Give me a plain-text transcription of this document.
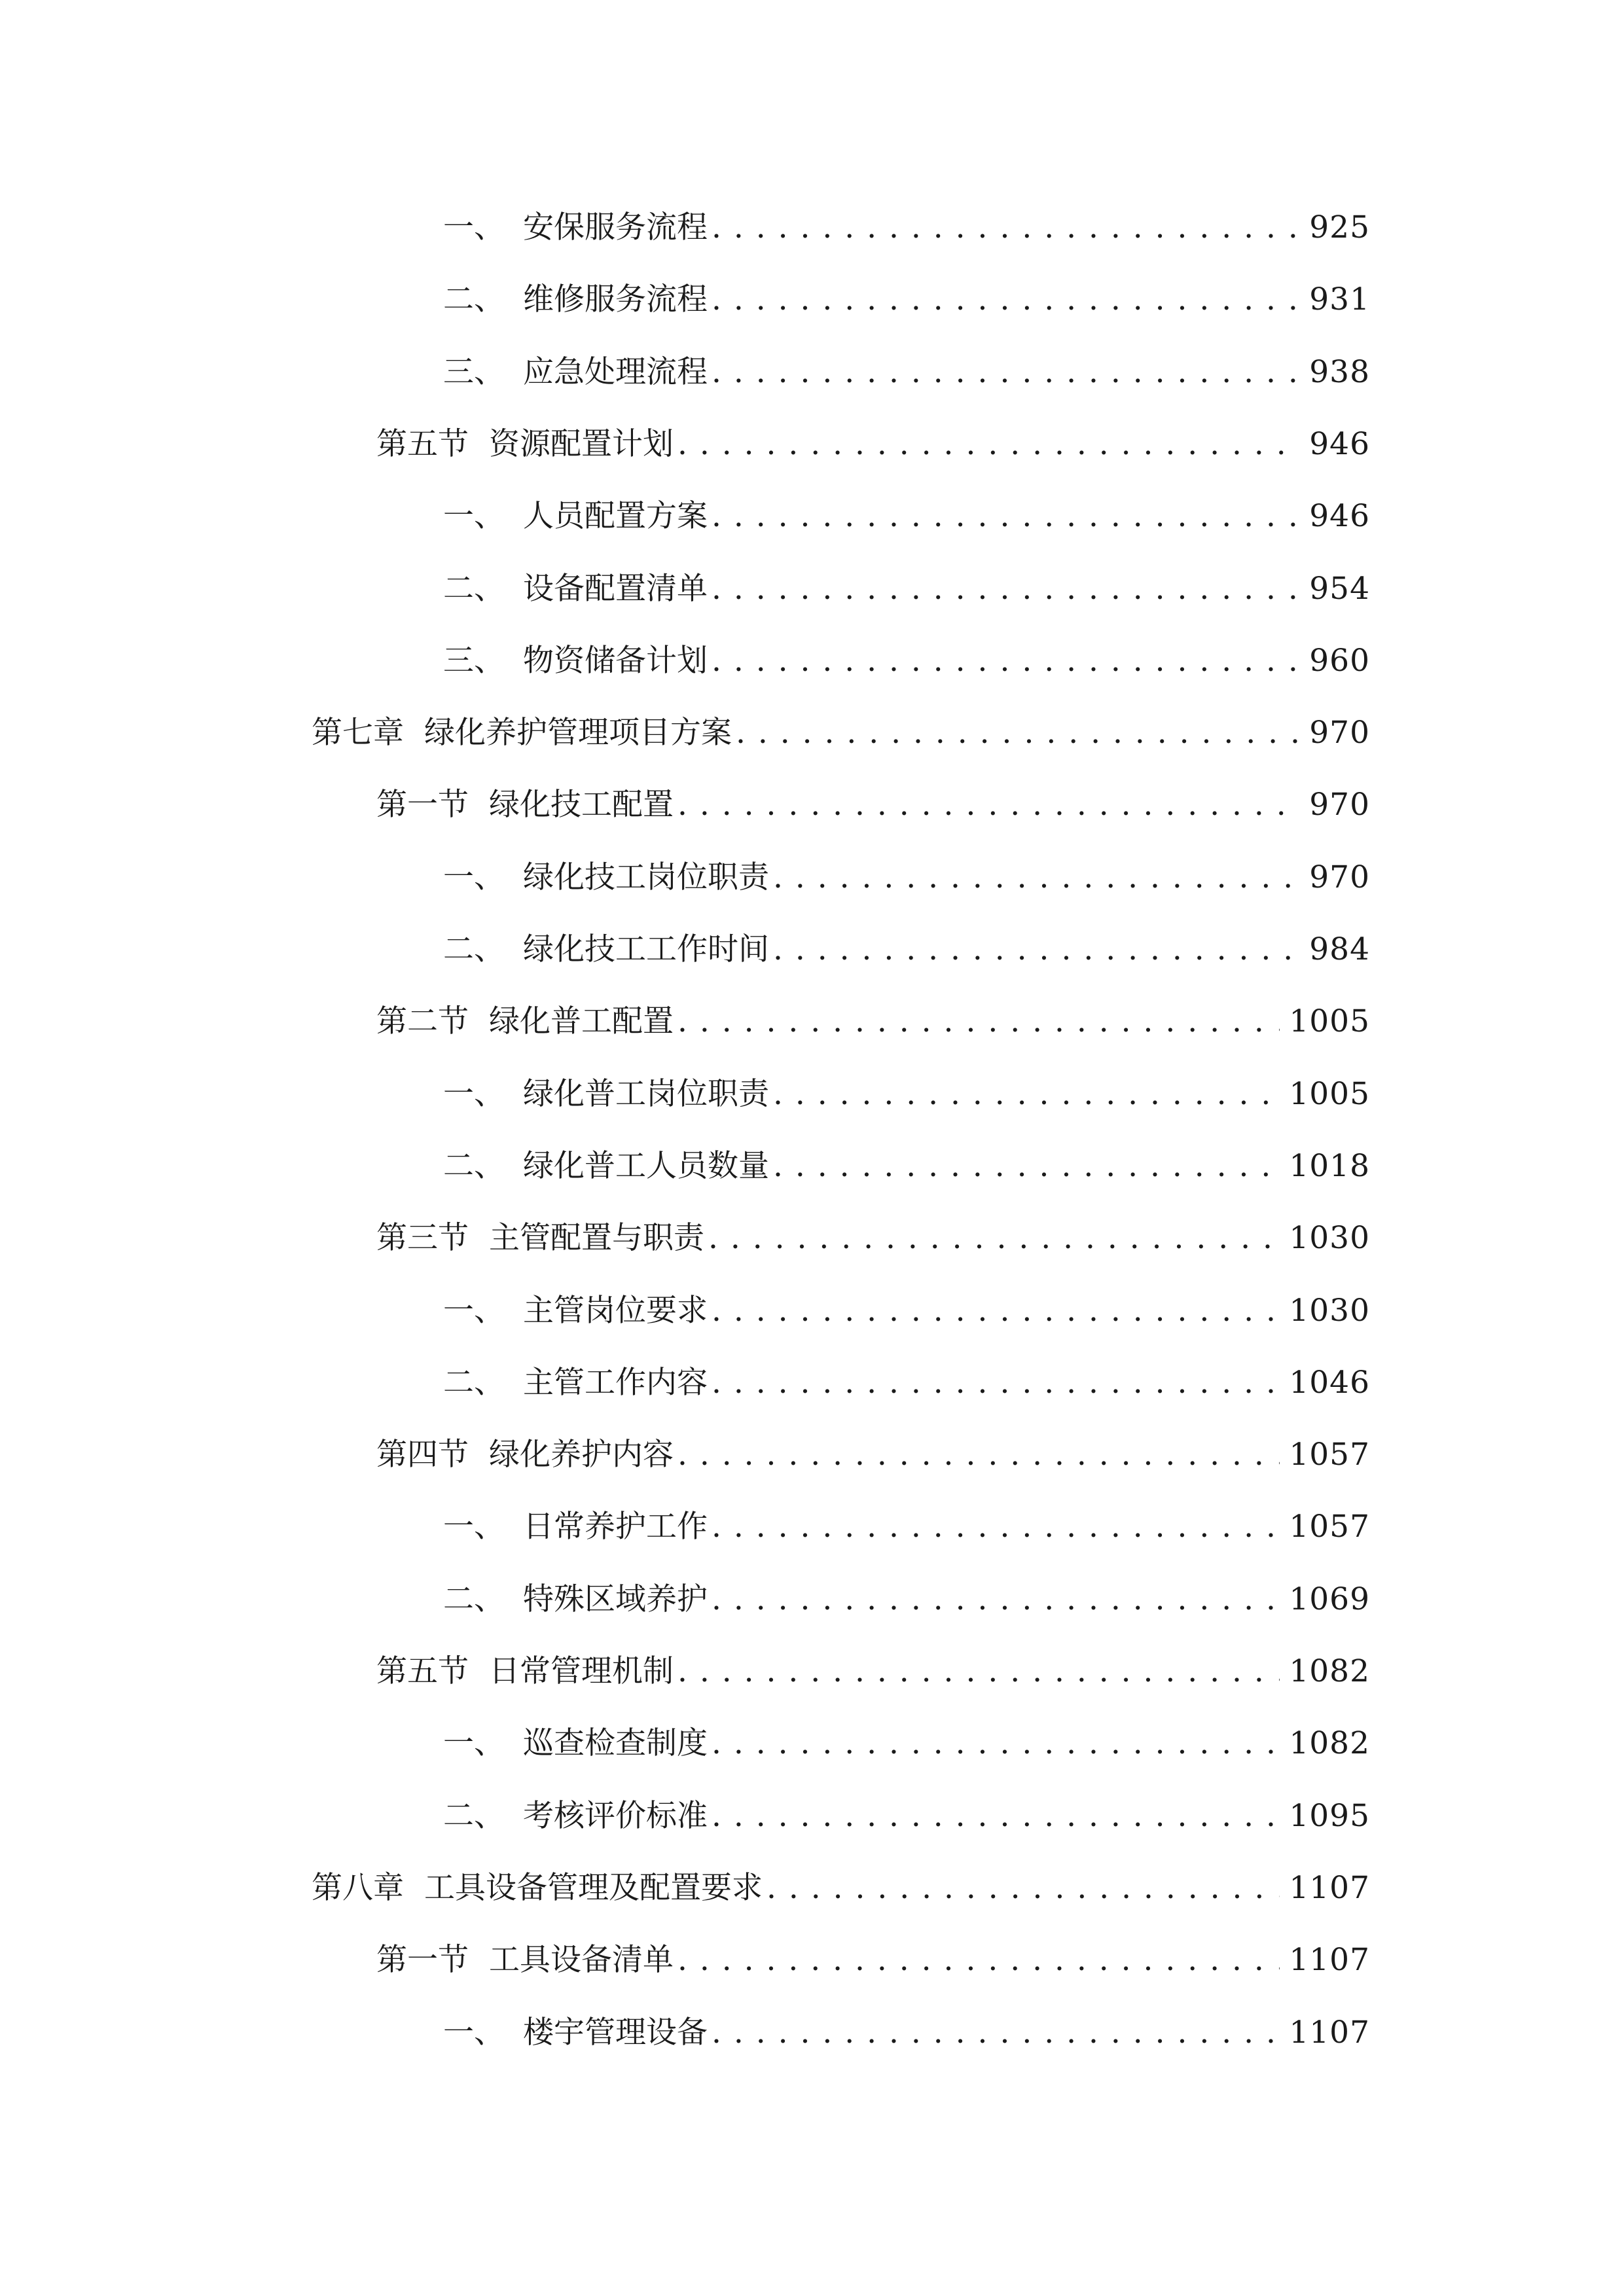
一、 安保服务流程 . . .	925
二、 维修服务流程 . . .	931
三、 应急处理流程 . . .	938
第五节 资源配置计划 . . .	946
一、 人员配置方案 . . .	946
二、 设备配置清单 . . .	954
三、 物资储备计划 . . .	960
第七章 绿化养护管理项目方案 . . .	970
第一节 绿化技工配置 . . .	970
一、 绿化技工岗位职责 . . .	970
二、 绿化技工工作时间 . . .	984
第二节 绿化普工配置 . . .	1005
一、 绿化普工岗位职责 . . .	1005
二、 绿化普工人员数量 . . .	1018
第三节 主管配置与职责 . . .	1030
一、 主管岗位要求 . . .	1030
二、 主管工作内容 . . .	1046
第四节 绿化养护内容 . . .	1057
一、 日常养护工作 . . .	1057
二、 特殊区域养护 . . .	1069
第五节 日常管理机制 . . .	1082
一、 巡查检查制度 . . .	1082
二、 考核评价标准 . . .	1095
第八章 工具设备管理及配置要求 . . .	1107
第一节 工具设备清单 . . .	1107
一、 楼宇管理设备 . . .	1107
